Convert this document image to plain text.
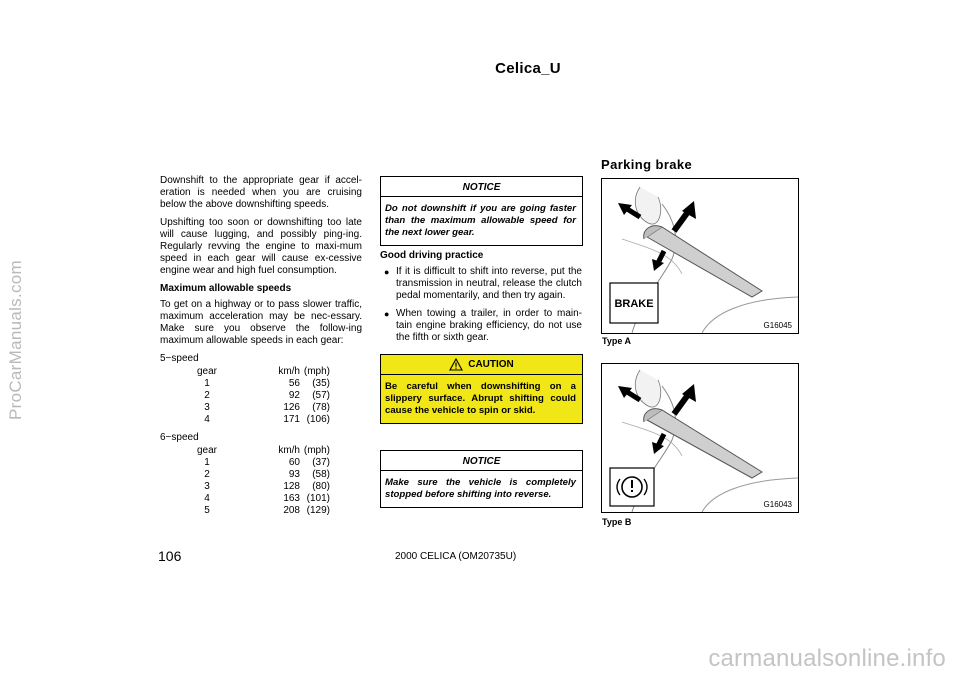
Celica_U
ProCarManuals.com
carmanualsonline.info

Downshift to the appropriate gear if accel-eration is needed when you are cruising below the above downshifting speeds.

Upshifting too soon or downshifting too late will cause lugging, and possibly ping-ing. Regularly revving the engine to maxi-mum speed in each gear will cause ex-cessive engine wear and high fuel consumption.

Maximum allowable speeds

To get on a highway or to pass slower traffic, maximum acceleration may be nec-essary. Make sure you observe the follow-ing maximum allowable speeds in each gear:

5−speed
	gear	km/h	(mph)
	1	56	(35)
	2	92	(57)
	3	126	(78)
	4	171	(106)
6−speed
	gear	km/h	(mph)
	1	60	(37)
	2	93	(58)
	3	128	(80)
	4	163	(101)
	5	208	(129)
NOTICE
Do not downshift if you are going faster than the maximum allowable speed for the next lower gear.

Good driving practice

● If it is difficult to shift into reverse, put the transmission in neutral, release the clutch pedal momentarily, and then try again.
● When towing a trailer, in order to main-tain engine braking efficiency, do not use the fifth or sixth gear.
CAUTION
Be careful when downshifting on a slippery surface. Abrupt shifting could cause the vehicle to spin or skid.
NOTICE
Make sure the vehicle is completely stopped before shifting into reverse.
Parking brake
BRAKE
G16045
Type A
G16043
Type B
106	2000 CELICA (OM20735U)
